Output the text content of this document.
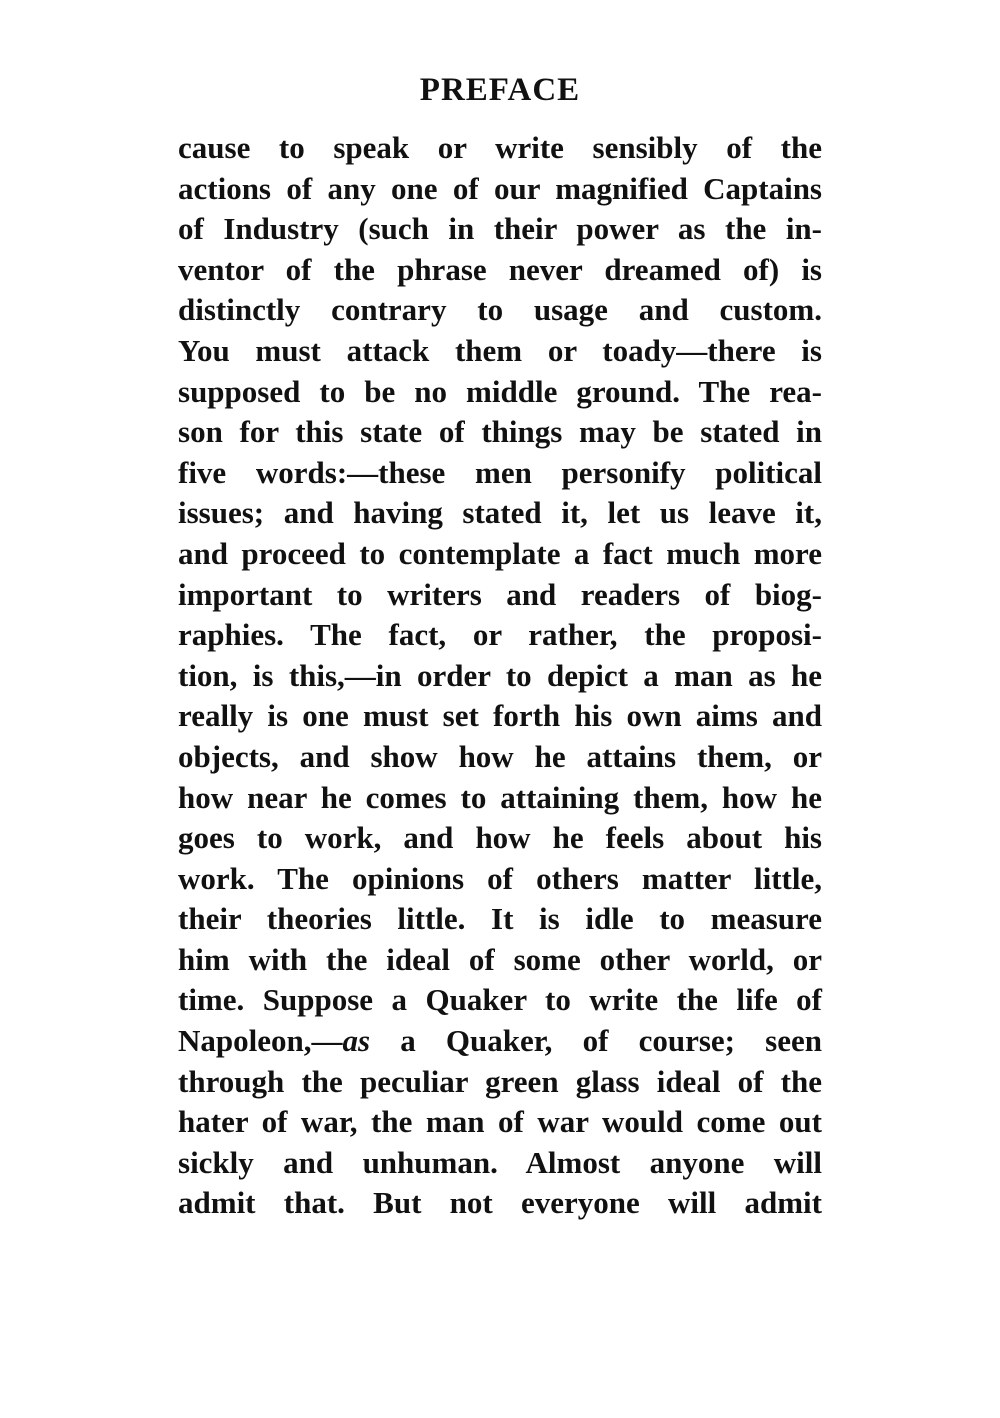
PREFACE
cause to speak or write sensibly of the
actions of any one of our magnified Captains
of Industry (such in their power as the in-
ventor of the phrase never dreamed of) is
distinctly contrary to usage and custom.
You must attack them or toady—there is
supposed to be no middle ground. The rea-
son for this state of things may be stated in
five words:—these men personify political
issues; and having stated it, let us leave it,
and proceed to contemplate a fact much more
important to writers and readers of biog-
raphies. The fact, or rather, the proposi-
tion, is this,—in order to depict a man as he
really is one must set forth his own aims and
objects, and show how he attains them, or
how near he comes to attaining them, how he
goes to work, and how he feels about his
work. The opinions of others matter little,
their theories little. It is idle to measure
him with the ideal of some other world, or
time. Suppose a Quaker to write the life of
Napoleon,—as a Quaker, of course; seen
through the peculiar green glass ideal of the
hater of war, the man of war would come out
sickly and unhuman. Almost anyone will
admit that. But not everyone will admit
